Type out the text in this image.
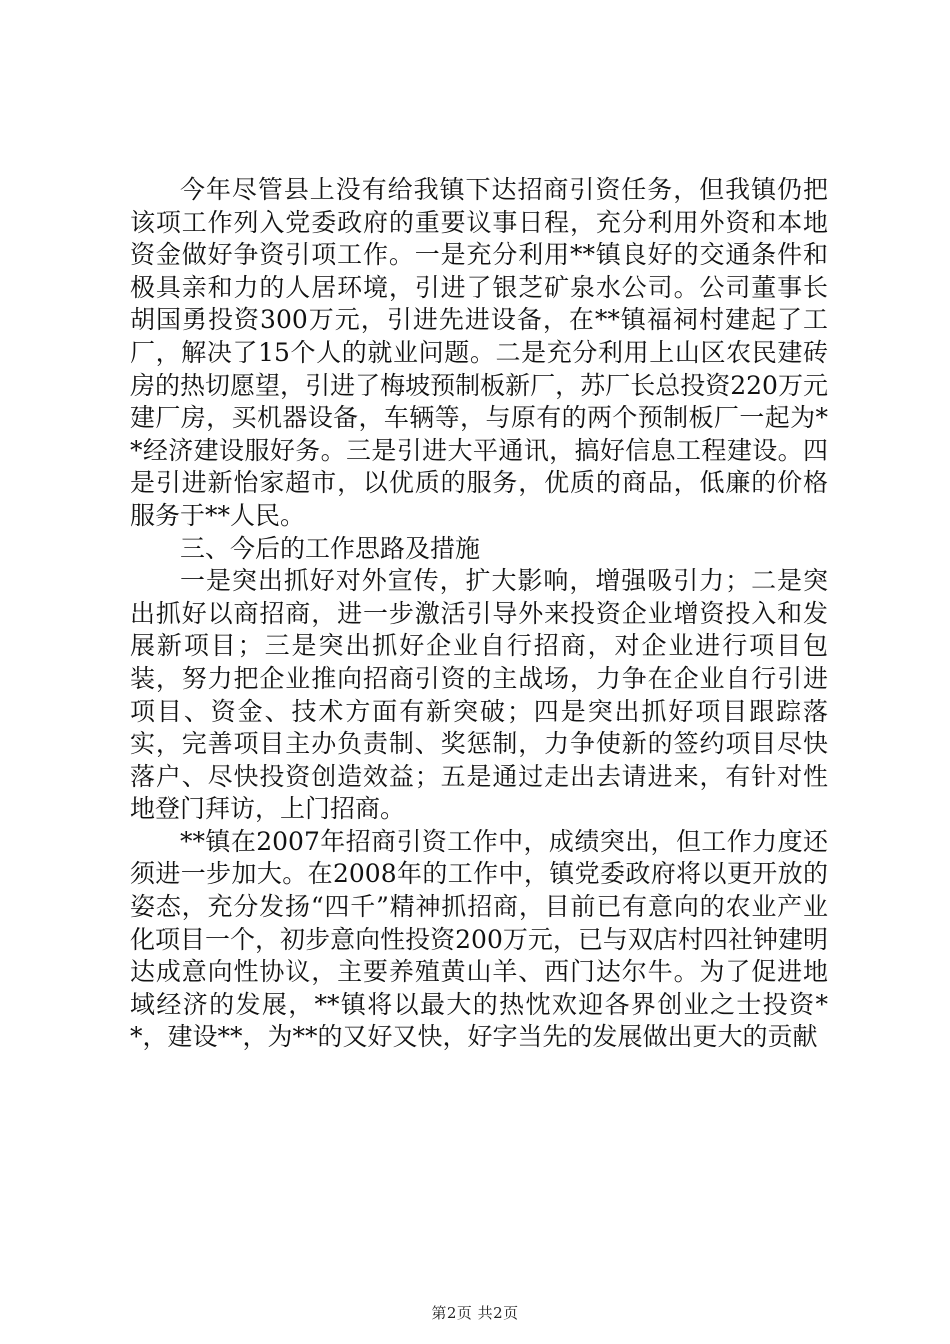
今年尽管县上没有给我镇下达招商引资任务，但我镇仍把该项工作列入党委政府的重要议事日程，充分利用外资和本地资金做好争资引项工作。一是充分利用**镇良好的交通条件和极具亲和力的人居环境，引进了银芝矿泉水公司。公司董事长胡国勇投资300万元，引进先进设备，在**镇福祠村建起了工厂，解决了15个人的就业问题。二是充分利用上山区农民建砖房的热切愿望，引进了梅坡预制板新厂，苏厂长总投资220万元建厂房，买机器设备，车辆等，与原有的两个预制板厂一起为**经济建设服好务。三是引进大平通讯，搞好信息工程建设。四是引进新怡家超市，以优质的服务，优质的商品，低廉的价格服务于**人民。

三、今后的工作思路及措施

一是突出抓好对外宣传，扩大影响，增强吸引力；二是突出抓好以商招商，进一步激活引导外来投资企业增资投入和发展新项目；三是突出抓好企业自行招商，对企业进行项目包装，努力把企业推向招商引资的主战场，力争在企业自行引进项目、资金、技术方面有新突破；四是突出抓好项目跟踪落实，完善项目主办负责制、奖惩制，力争使新的签约项目尽快落户、尽快投资创造效益；五是通过走出去请进来，有针对性地登门拜访，上门招商。

**镇在2007年招商引资工作中，成绩突出，但工作力度还须进一步加大。在2008年的工作中，镇党委政府将以更开放的姿态，充分发扬“四千”精神抓招商，目前已有意向的农业产业化项目一个，初步意向性投资200万元，已与双店村四社钟建明达成意向性协议，主要养殖黄山羊、西门达尔牛。为了促进地域经济的发展，**镇将以最大的热忱欢迎各界创业之士投资**，建设**，为**的又好又快，好字当先的发展做出更大的贡献

第2页 共2页
